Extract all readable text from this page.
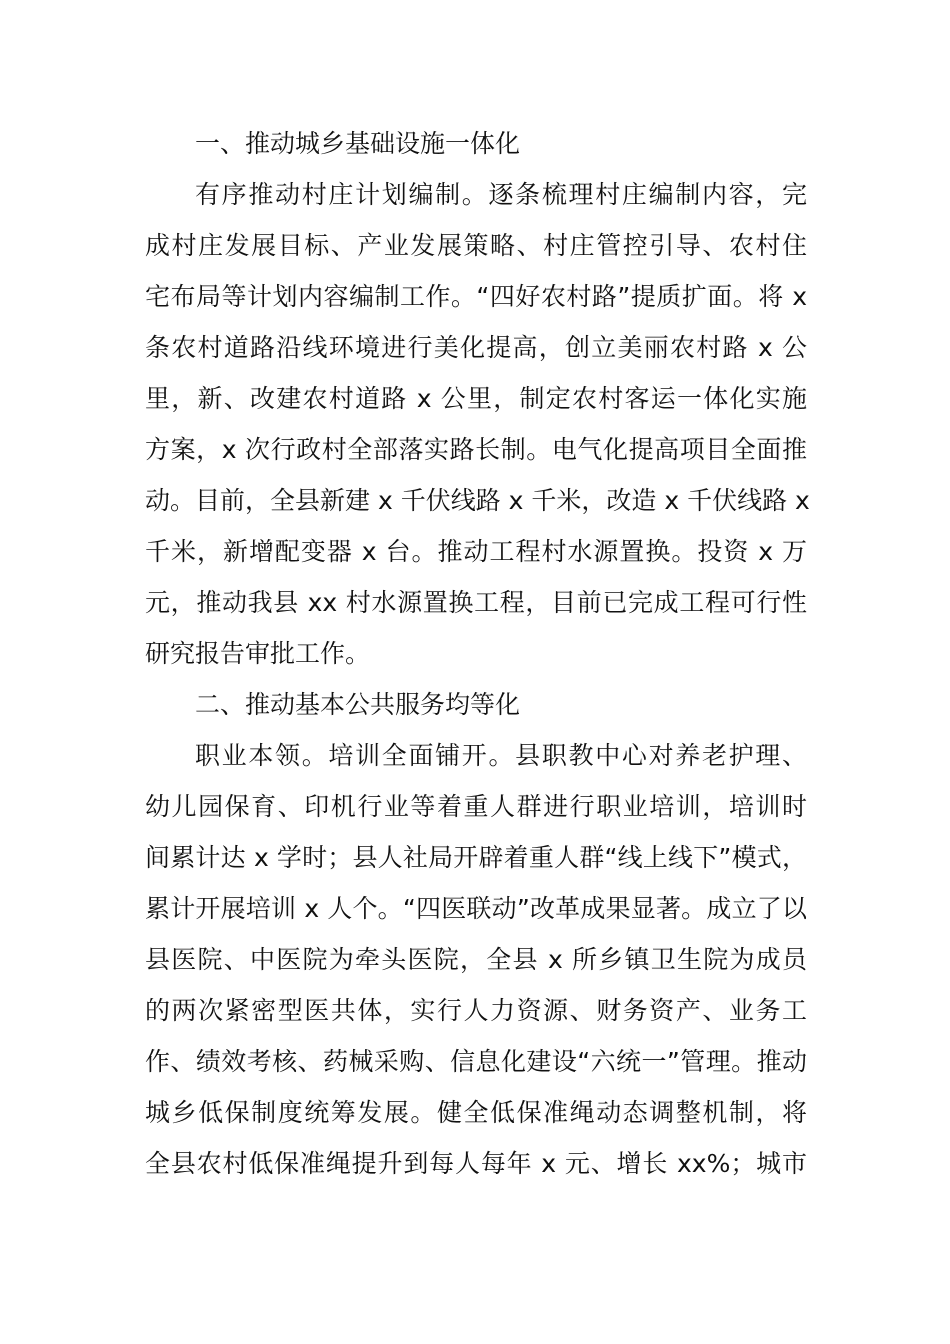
一、推动城乡基础设施一体化
有序推动村庄计划编制。逐条梳理村庄编制内容，完
成村庄发展目标、产业发展策略、村庄管控引导、农村住
宅布局等计划内容编制工作。“四好农村路”提质扩面。将 x
条农村道路沿线环境进行美化提高，创立美丽农村路 x 公
里，新、改建农村道路 x 公里，制定农村客运一体化实施
方案，x 次行政村全部落实路长制。电气化提高项目全面推
动。目前，全县新建 x 千伏线路 x 千米，改造 x 千伏线路 x
千米，新增配变器 x 台。推动工程村水源置换。投资 x 万
元，推动我县 xx 村水源置换工程，目前已完成工程可行性
研究报告审批工作。
二、推动基本公共服务均等化
职业本领。培训全面铺开。县职教中心对养老护理、
幼儿园保育、印机行业等着重人群进行职业培训，培训时
间累计达 x 学时；县人社局开辟着重人群“线上线下”模式，
累计开展培训 x 人个。“四医联动”改革成果显著。成立了以
县医院、中医院为牵头医院，全县 x 所乡镇卫生院为成员
的两次紧密型医共体，实行人力资源、财务资产、业务工
作、绩效考核、药械采购、信息化建设“六统一”管理。推动
城乡低保制度统筹发展。健全低保准绳动态调整机制，将
全县农村低保准绳提升到每人每年 x 元、增长 xx%；城市
